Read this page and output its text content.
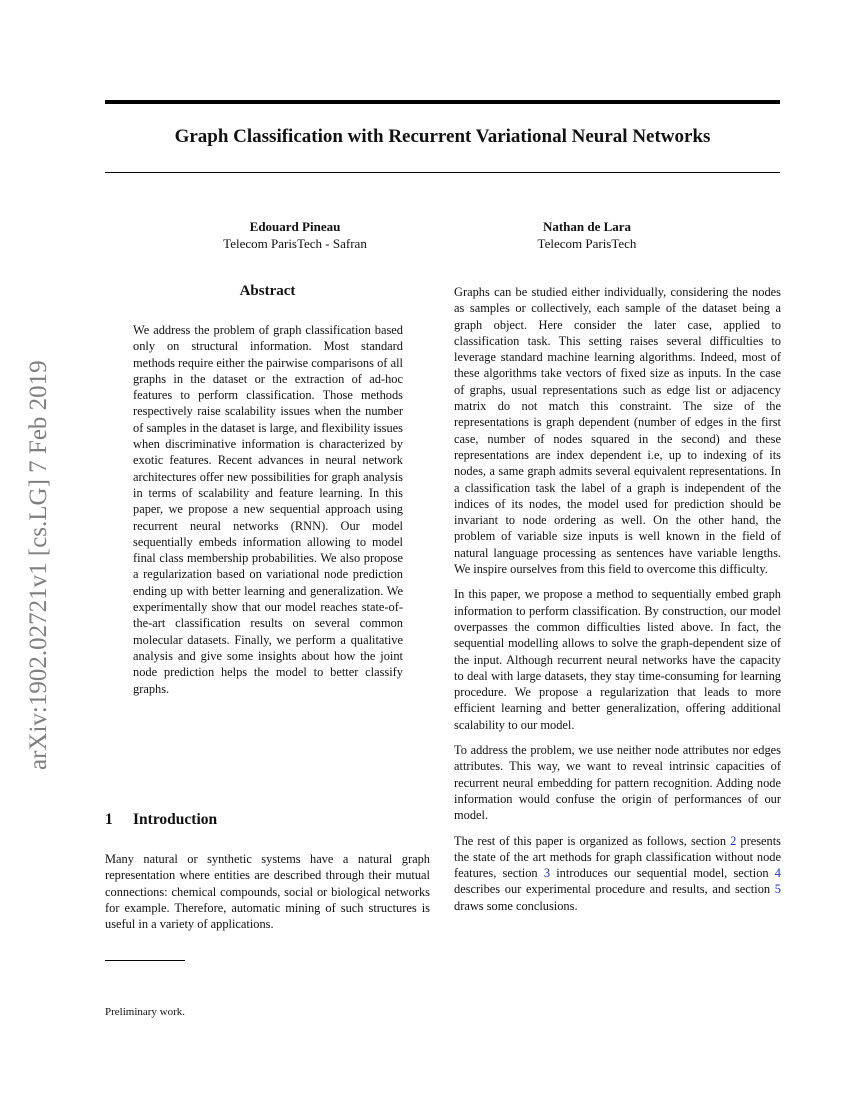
Graph Classification with Recurrent Variational Neural Networks
arXiv:1902.02721v1 [cs.LG] 7 Feb 2019
Edouard Pineau
Telecom ParisTech - Safran
Nathan de Lara
Telecom ParisTech
Abstract

We address the problem of graph classification based only on structural information. Most standard methods require either the pairwise comparisons of all graphs in the dataset or the extraction of ad-hoc features to perform classification. Those methods respectively raise scalability issues when the number of samples in the dataset is large, and flexibility issues when discriminative information is characterized by exotic features. Recent advances in neural network architectures offer new possibilities for graph analysis in terms of scalability and feature learning. In this paper, we propose a new sequential approach using recurrent neural networks (RNN). Our model sequentially embeds information allowing to model final class membership probabilities. We also propose a regularization based on variational node prediction ending up with better learning and generalization. We experimentally show that our model reaches state-of-the-art classification results on several common molecular datasets. Finally, we perform a qualitative analysis and give some insights about how the joint node prediction helps the model to better classify graphs.

1 Introduction

Many natural or synthetic systems have a natural graph representation where entities are described through their mutual connections: chemical compounds, social or biological networks for example. Therefore, automatic mining of such structures is useful in a variety of applications.

Preliminary work.

Graphs can be studied either individually, considering the nodes as samples or collectively, each sample of the dataset being a graph object. Here consider the later case, applied to classification task. This setting raises several difficulties to leverage standard machine learning algorithms. Indeed, most of these algorithms take vectors of fixed size as inputs. In the case of graphs, usual representations such as edge list or adjacency matrix do not match this constraint. The size of the representations is graph dependent (number of edges in the first case, number of nodes squared in the second) and these representations are index dependent i.e, up to indexing of its nodes, a same graph admits several equivalent representations. In a classification task the label of a graph is independent of the indices of its nodes, the model used for prediction should be invariant to node ordering as well. On the other hand, the problem of variable size inputs is well known in the field of natural language processing as sentences have variable lengths. We inspire ourselves from this field to overcome this difficulty.

In this paper, we propose a method to sequentially embed graph information to perform classification. By construction, our model overpasses the common difficulties listed above. In fact, the sequential modelling allows to solve the graph-dependent size of the input. Although recurrent neural networks have the capacity to deal with large datasets, they stay time-consuming for learning procedure. We propose a regularization that leads to more efficient learning and better generalization, offering additional scalability to our model.

To address the problem, we use neither node attributes nor edges attributes. This way, we want to reveal intrinsic capacities of recurrent neural embedding for pattern recognition. Adding node information would confuse the origin of performances of our model.

The rest of this paper is organized as follows, section 2 presents the state of the art methods for graph classification without node features, section 3 introduces our sequential model, section 4 describes our experimental procedure and results, and section 5 draws some conclusions.
